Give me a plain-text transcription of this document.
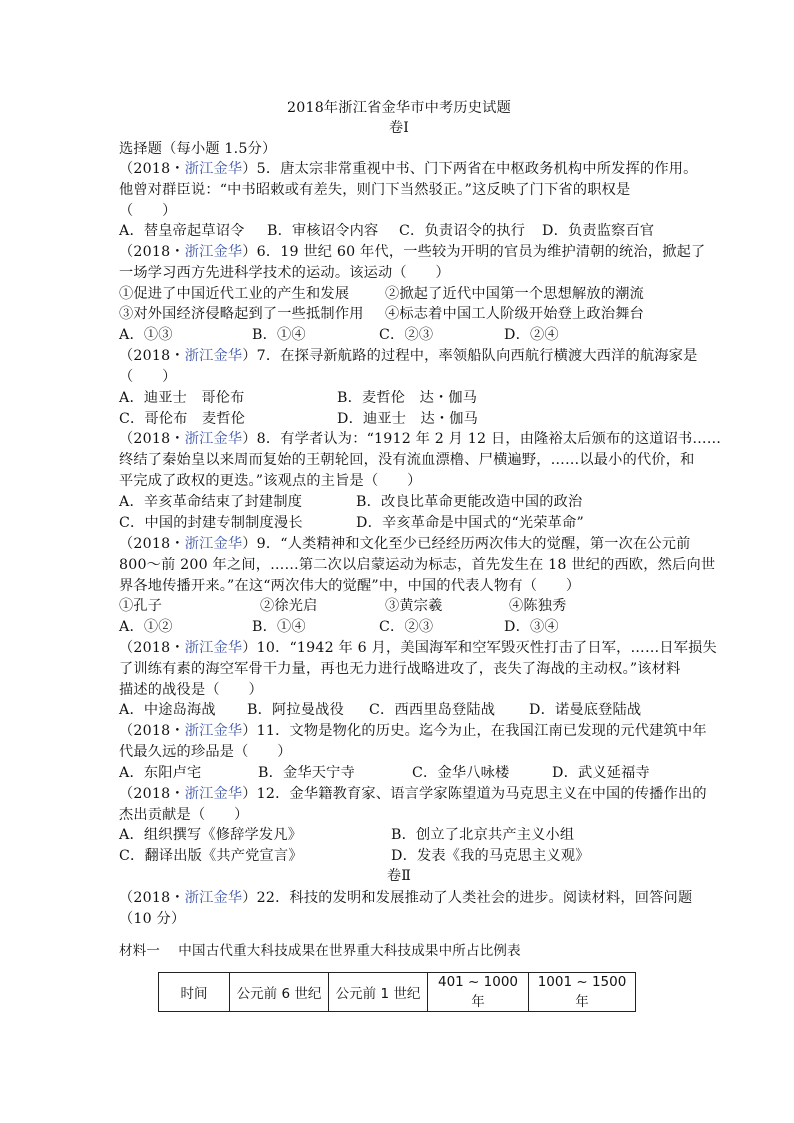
2018年浙江省金华市中考历史试题
卷Ⅰ
选择题（每小题 1.5分）
（2018・浙江金华）5．唐太宗非常重视中书、门下两省在中枢政务机构中所发挥的作用。
他曾对群臣说：“中书昭敕或有差失，则门下当然驳正。”这反映了门下省的职权是
（　　）
A．替皇帝起草诏令 B．审核诏令内容 C．负责诏令的执行 D．负责监察百官
（2018・浙江金华）6．19 世纪 60 年代，一些较为开明的官员为维护清朝的统治，掀起了
一场学习西方先进科学技术的运动。该运动（　　）
①促进了中国近代工业的产生和发展	②掀起了近代中国第一个思想解放的潮流
③对外国经济侵略起到了一些抵制作用 ④标志着中国工人阶级开始登上政治舞台
A．①③	B．①④	C．②③	D．②④
（2018・浙江金华）7．在探寻新航路的过程中，率领船队向西航行横渡大西洋的航海家是
（　　）
A．迪亚士　哥伦布	B．麦哲伦　达・伽马
C．哥伦布　麦哲伦	D．迪亚士　达・伽马
（2018・浙江金华）8．有学者认为：“1912 年 2 月 12 日，由隆裕太后颁布的这道诏书……
终结了秦始皇以来周而复始的王朝轮回，没有流血漂橹、尸横遍野，……以最小的代价，和
平完成了政权的更迭。”该观点的主旨是（　　）
A．辛亥革命结束了封建制度	B．改良比革命更能改造中国的政治
C．中国的封建专制制度漫长	D．辛亥革命是中国式的“光荣革命”
（2018・浙江金华）9．“人类精神和文化至少已经经历两次伟大的觉醒，第一次在公元前
800～前 200 年之间，……第二次以启蒙运动为标志，首先发生在 18 世纪的西欧，然后向世
界各地传播开来。”在这“两次伟大的觉醒”中，中国的代表人物有（　　）
①孔子	②徐光启	③黄宗羲	④陈独秀
A．①②	B．①④	C．②③	D．③④
（2018・浙江金华）10．“1942 年 6 月，美国海军和空军毁灭性打击了日军，……日军损失
了训练有素的海空军骨干力量，再也无力进行战略进攻了，丧失了海战的主动权。”该材料
描述的战役是（　　）
A．中途岛海战 B．阿拉曼战役 C．西西里岛登陆战 D．诺曼底登陆战
（2018・浙江金华）11．文物是物化的历史。迄今为止，在我国江南已发现的元代建筑中年
代最久远的珍品是（　　）
A．东阳卢宅	B．金华天宁寺	C．金华八咏楼	D．武义延福寺
（2018・浙江金华）12．金华籍教育家、语言学家陈望道为马克思主义在中国的传播作出的
杰出贡献是（　　）
A．组织撰写《修辞学发凡》	B．创立了北京共产主义小组
C．翻译出版《共产党宣言》	D．发表《我的马克思主义观》
卷Ⅱ
（2018・浙江金华）22．科技的发明和发展推动了人类社会的进步。阅读材料，回答问题
（10 分）
材料一　 中国古代重大科技成果在世界重大科技成果中所占比例表
时间	公元前 6 世纪	公元前 1 世纪	401 ~ 1000 年	1001 ~ 1500 年
